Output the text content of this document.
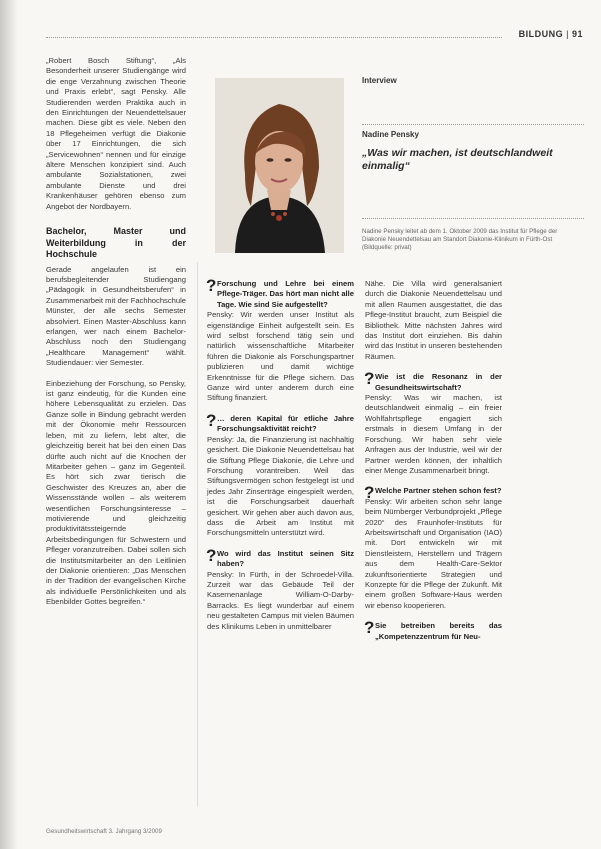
BILDUNG | 91

„Robert Bosch Stiftung“, „Als Besonderheit unserer Studiengänge wird die enge Verzahnung zwischen Theorie und Praxis erlebt“, sagt Pensky. Alle Studierenden werden Praktika auch in den Einrichtungen der Neuendettelsauer machen. Diese gibt es viele. Neben den 18 Pflegeheimen verfügt die Diakonie über 17 Einrichtungen, die sich „Servicewohnen“ nennen und für einzige ältere Menschen konzipiert sind. Auch ambulante Sozialstationen, zwei ambulante Dienste und drei Krankenhäuser gehören ebenso zum Angebot der Nordbayern.

Bachelor, Master und Weiterbildung in der Hochschule

Gerade angelaufen ist ein berufsbegleitender Studiengang „Pädagogik in Gesundheitsberufen“ in Zusammenarbeit mit der Fachhochschule Münster, der alle sechs Semester absolviert. Einen Master-Abschluss kann erlangen, wer nach einem Bachelor-Abschluss noch den Studiengang „Healthcare Management“ wählt. Studiendauer: vier Semester.

Einbeziehung der Forschung, so Pensky, ist ganz eindeutig, für die Kunden eine höhere Lebensqualität zu erzielen. Das Ganze solle in Bindung gebracht werden mit der Ökonomie mehr Ressourcen leben, mit zu liefern, lebt alter, die gleichzeitig bereit hat bei den einen Das dürfte auch nicht auf die Knochen der Mitarbeiter gehen – ganz im Gegenteil. Es hört sich zwar tierisch die Geschwister des Kreuzes an, aber die Wissensstände wollen – als weiterem wesentlichen Forschungsinteresse – motivierende und gleichzeitig produktivitätssteigernde Arbeitsbedingungen für Schwestern und Pfleger voranzutreiben. Dabei sollen sich die Institutsmitarbeiter an den Leitlinien der Diakonie orientieren: „Das Menschen in der Tradition der evangelischen Kirche als individuelle Persönlichkeiten und als Ebenbilder Gottes begreifen.“

Interview
Nadine Pensky
„Was wir machen, ist deutschlandweit einmalig“
Nadine Pensky leitet ab dem 1. Oktober 2009 das Institut für Pflege der Diakonie Neuendettelsau am Standort Diakonie-Klinikum in Fürth-Ost (Bildquelle: privat)

? Forschung und Lehre bei einem Pflege-Träger. Das hört man nicht alle Tage. Wie sind Sie aufgestellt?

Pensky: Wir werden unser Institut als eigenständige Einheit aufgestellt sein. Es wird selbst forschend tätig sein und natürlich wissenschaftliche Mitarbeiter führen die Diakonie als Forschungspartner publizieren und damit wichtige Erkenntnisse für die Pflege sichern. Das Ganze wird unter anderem durch eine Stiftung finanziert.

? … deren Kapital für etliche Jahre Forschungsaktivität reicht?

Pensky: Ja, die Finanzierung ist nachhaltig gesichert. Die Diakonie Neuendettelsau hat die Stiftung Pflege Diakonie, die Lehre und Forschung vorantreiben. Weil das Stiftungsvermögen schon festgelegt ist und jedes Jahr Zinserträge eingespielt werden, ist die Forschungsarbeit dauerhaft gesichert. Wir gehen aber auch davon aus, dass die Arbeit am Institut mit Forschungsmitteln unterstützt wird.

? Wo wird das Institut seinen Sitz haben?

Pensky: In Fürth, in der Schroedel-Villa. Zurzeit war das Gebäude Teil der Kasernenanlage William-O-Darby-Barracks. Es liegt wunderbar auf einem neu gestalteten Campus mit vielen Bäumen des Klinikums Leben in unmittelbarer

Nähe. Die Villa wird generalsaniert durch die Diakonie Neuendettelsau und mit allen Raumen ausgestattet, die das Pflege-Institut braucht, zum Beispiel die Bibliothek. Mitte nächsten Jahres wird das Institut dort einziehen. Bis dahin wird das Institut in unseren bestehenden Räumen.

? Wie ist die Resonanz in der Gesundheitswirtschaft?

Pensky: Was wir machen, ist deutschlandweit einmalig – ein freier Wohlfahrtspflege engagiert sich erstmals in diesem Umfang in der Forschung. Wir haben sehr viele Anfragen aus der Industrie, weil wir der Partner werden können, der inhaltlich einer Menge Zusammenarbeit bringt.

? Welche Partner stehen schon fest?

Pensky: Wir arbeiten schon sehr lange beim Nürnberger Verbundprojekt „Pflege 2020“ des Fraunhofer-Instituts für Arbeitswirtschaft und Organisation (IAO) mit. Dort entwickeln wir mit Dienstleistern, Herstellern und Trägern aus dem Health-Care-Sektor zukunftsorientierte Strategien und Konzepte für die Pflege der Zukunft. Mit einem großen Software-Haus werden wir ebenso kooperieren.

? Sie betreiben bereits das „Kompetenzzentrum für Neu-

Gesundheitswirtschaft 3. Jahrgang 3/2009
